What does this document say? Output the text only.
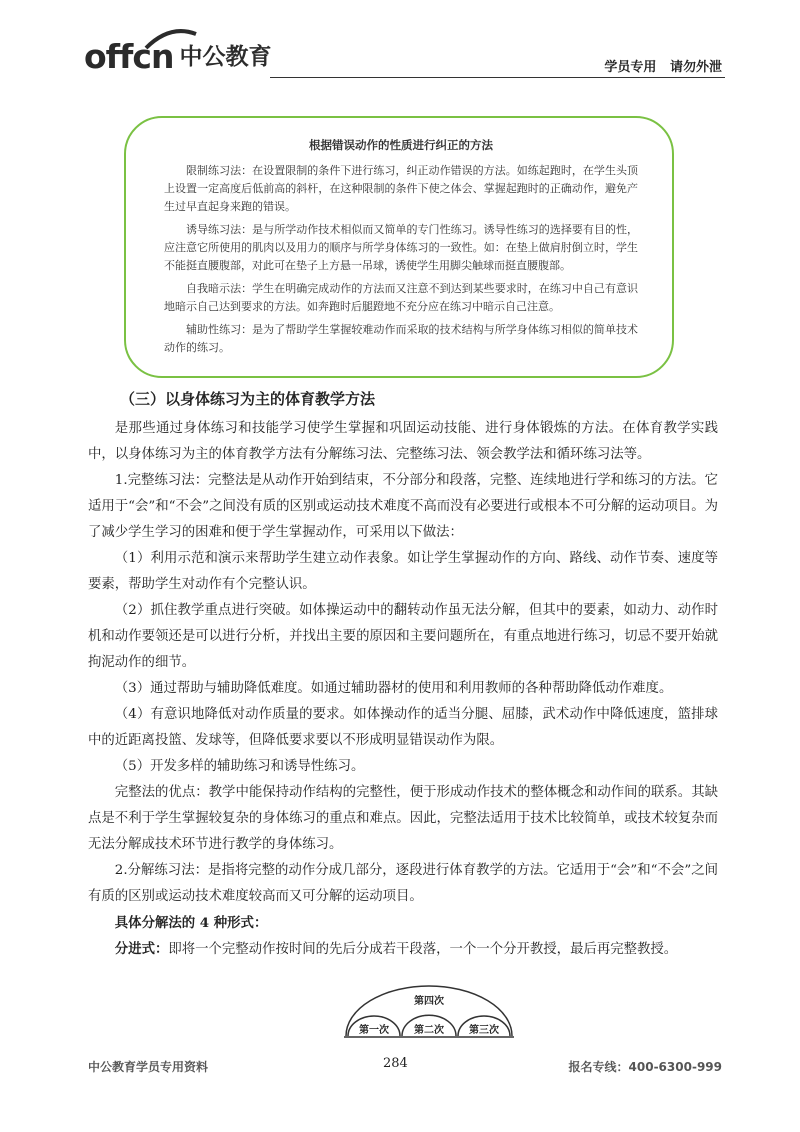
offcn 中公教育	学员专用   请勿外泄
根据错误动作的性质进行纠正的方法

限制练习法：在设置限制的条件下进行练习，纠正动作错误的方法。如练起跑时，在学生头顶上设置一定高度后低前高的斜杆，在这种限制的条件下使之体会、掌握起跑时的正确动作，避免产生过早直起身来跑的错误。

诱导练习法：是与所学动作技术相似而又简单的专门性练习。诱导性练习的选择要有目的性，应注意它所使用的肌肉以及用力的顺序与所学身体练习的一致性。如：在垫上做肩肘倒立时，学生不能挺直腰腹部，对此可在垫子上方悬一吊球，诱使学生用脚尖触球而挺直腰腹部。

自我暗示法：学生在明确完成动作的方法而又注意不到达到某些要求时，在练习中自己有意识地暗示自己达到要求的方法。如奔跑时后腿蹬地不充分应在练习中暗示自己注意。

辅助性练习：是为了帮助学生掌握较难动作而采取的技术结构与所学身体练习相似的简单技术动作的练习。

（三）以身体练习为主的体育教学方法

是那些通过身体练习和技能学习使学生掌握和巩固运动技能、进行身体锻炼的方法。在体育教学实践中，以身体练习为主的体育教学方法有分解练习法、完整练习法、领会教学法和循环练习法等。

1.完整练习法：完整法是从动作开始到结束，不分部分和段落，完整、连续地进行学和练习的方法。它适用于“会”和“不会”之间没有质的区别或运动技术难度不高而没有必要进行或根本不可分解的运动项目。为了减少学生学习的困难和便于学生掌握动作，可采用以下做法：

（1）利用示范和演示来帮助学生建立动作表象。如让学生掌握动作的方向、路线、动作节奏、速度等要素，帮助学生对动作有个完整认识。

（2）抓住教学重点进行突破。如体操运动中的翻转动作虽无法分解，但其中的要素，如动力、动作时机和动作要领还是可以进行分析，并找出主要的原因和主要问题所在，有重点地进行练习，切忌不要开始就拘泥动作的细节。

（3）通过帮助与辅助降低难度。如通过辅助器材的使用和利用教师的各种帮助降低动作难度。

（4）有意识地降低对动作质量的要求。如体操动作的适当分腿、屈膝，武术动作中降低速度，篮排球中的近距离投篮、发球等，但降低要求要以不形成明显错误动作为限。

（5）开发多样的辅助练习和诱导性练习。

完整法的优点：教学中能保持动作结构的完整性，便于形成动作技术的整体概念和动作间的联系。其缺点是不利于学生掌握较复杂的身体练习的重点和难点。因此，完整法适用于技术比较简单，或技术较复杂而无法分解成技术环节进行教学的身体练习。

2.分解练习法：是指将完整的动作分成几部分，逐段进行体育教学的方法。它适用于“会”和“不会”之间有质的区别或运动技术难度较高而又可分解的运动项目。

具体分解法的 4 种形式：

分进式：即将一个完整动作按时间的先后分成若干段落，一个一个分开教授，最后再完整教授。

第四次
第一次	第二次	第三次
中公教育学员专用资料	284	报名专线：400-6300-999
